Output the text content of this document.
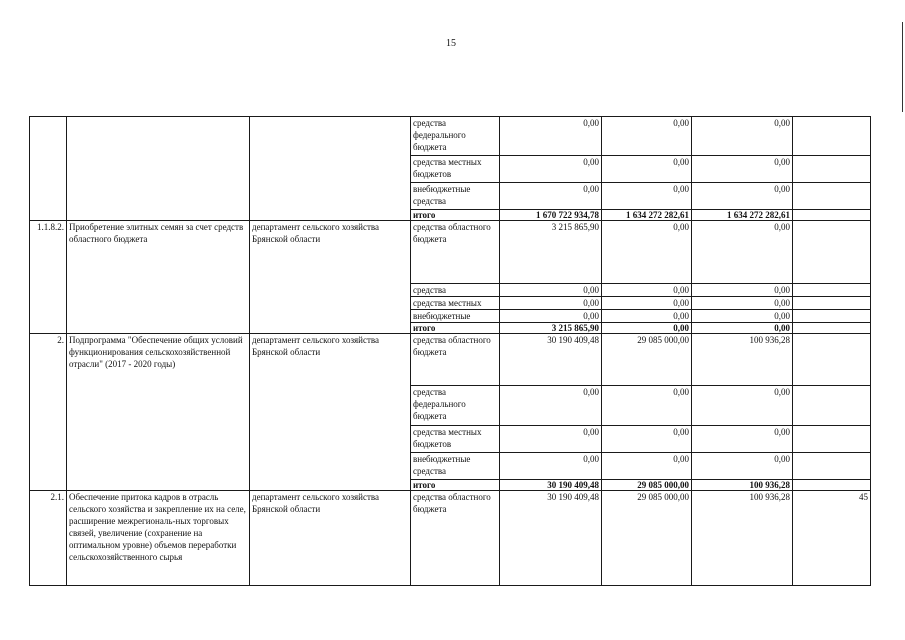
15
			средства федерального бюджета	0,00	0,00	0,00	
			средства местных бюджетов	0,00	0,00	0,00	
			внебюджетные средства	0,00	0,00	0,00	
			итого	1 670 722 934,78	1 634 272 282,61	1 634 272 282,61	
1.1.8.2.	Приобретение элитных семян за счет средств областного бюджета	департамент сельского хозяйства Брянской области	средства областного бюджета	3 215 865,90	0,00	0,00	
			средства	0,00	0,00	0,00	
			средства местных	0,00	0,00	0,00	
			внебюджетные	0,00	0,00	0,00	
			итого	3 215 865,90	0,00	0,00	
2.	Подпрограмма "Обеспечение общих условий функционирования сельскохозяйственной отрасли" (2017 - 2020 годы)	департамент сельского хозяйства Брянской области	средства областного бюджета	30 190 409,48	29 085 000,00	100 936,28	
			средства федерального бюджета	0,00	0,00	0,00	
			средства местных бюджетов	0,00	0,00	0,00	
			внебюджетные средства	0,00	0,00	0,00	
			итого	30 190 409,48	29 085 000,00	100 936,28	
2.1.	Обеспечение притока кадров в отрасль сельского хозяйства и закрепление их на селе, расширение межрегиональ-ных торговых связей, увеличение (сохранение на оптимальном уровне) объемов переработки сельскохозяйственного сырья	департамент сельского хозяйства Брянской области	средства областного бюджета	30 190 409,48	29 085 000,00	100 936,28	45
